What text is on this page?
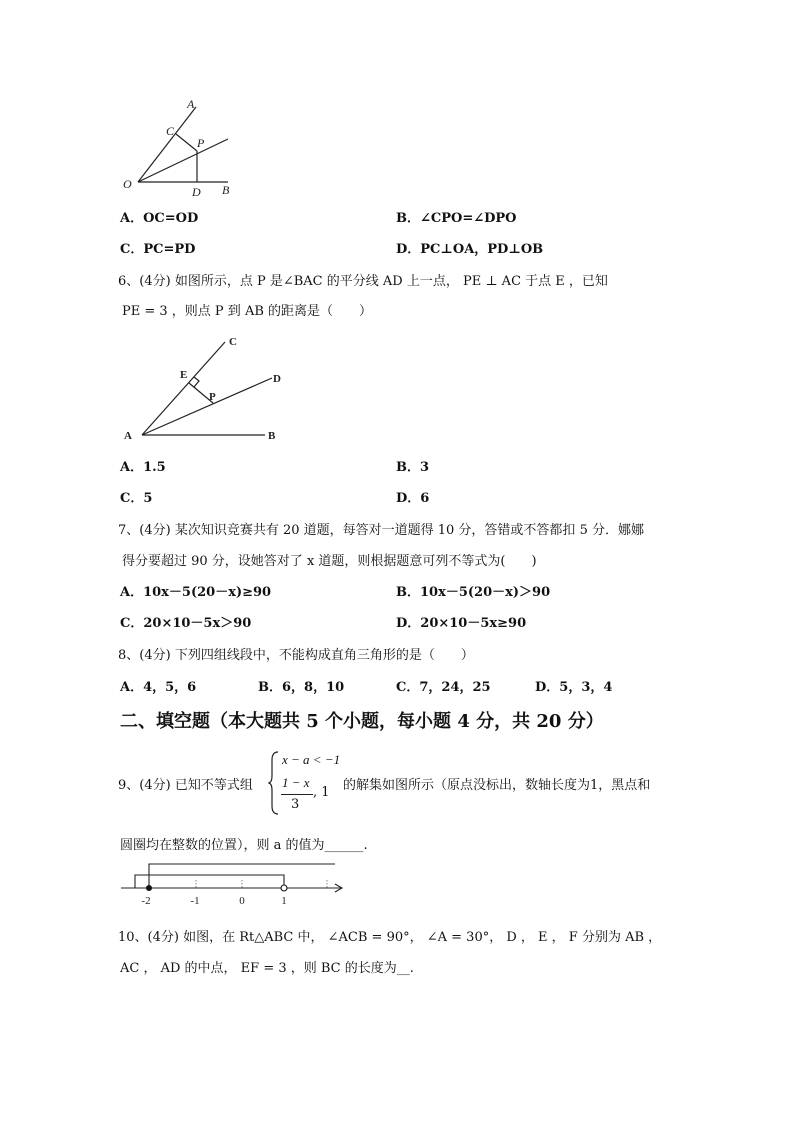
A
C
P
O
D B
A．OC=OD	B．∠CPO=∠DPO
C．PC=PD	D．PC⊥OA，PD⊥OB
6、(4分) 如图所示，点 P 是∠BAC 的平分线 AD 上一点， PE ⊥ AC 于点 E ，已知
PE = 3 ，则点 P 到 AB 的距离是（　　）
C
E	D
P
A	B
A．1.5	B．3
C．5	D．6
7、(4分) 某次知识竞赛共有 20 道题，每答对一道题得 10 分，答错或不答都扣 5 分．娜娜
得分要超过 90 分，设她答对了 x 道题，则根据题意可列不等式为(　　)
A．10x－5(20－x)≥90	B．10x－5(20－x)＞90
C．20×10－5x＞90	D．20×10－5x≥90
8、(4分) 下列四组线段中，不能构成直角三角形的是（　　）
A．4，5，6	B．6，8，10	C．7，24，25	D．5，3，4
二、填空题（本大题共 5 个小题，每小题 4 分，共 20 分）
9、(4分) 已知不等式组
x − a < −1
1 − x
3
, 1 的解集如图所示（原点没标出，数轴长度为1，黑点和
圆圈均在整数的位置），则 a 的值为______.
-2	-1	0	1
10、(4分) 如图，在 Rt△ABC 中， ∠ACB = 90°， ∠A = 30°， D ， E ， F 分别为 AB ，
AC ， AD 的中点， EF = 3 ，则 BC 的长度为__.
